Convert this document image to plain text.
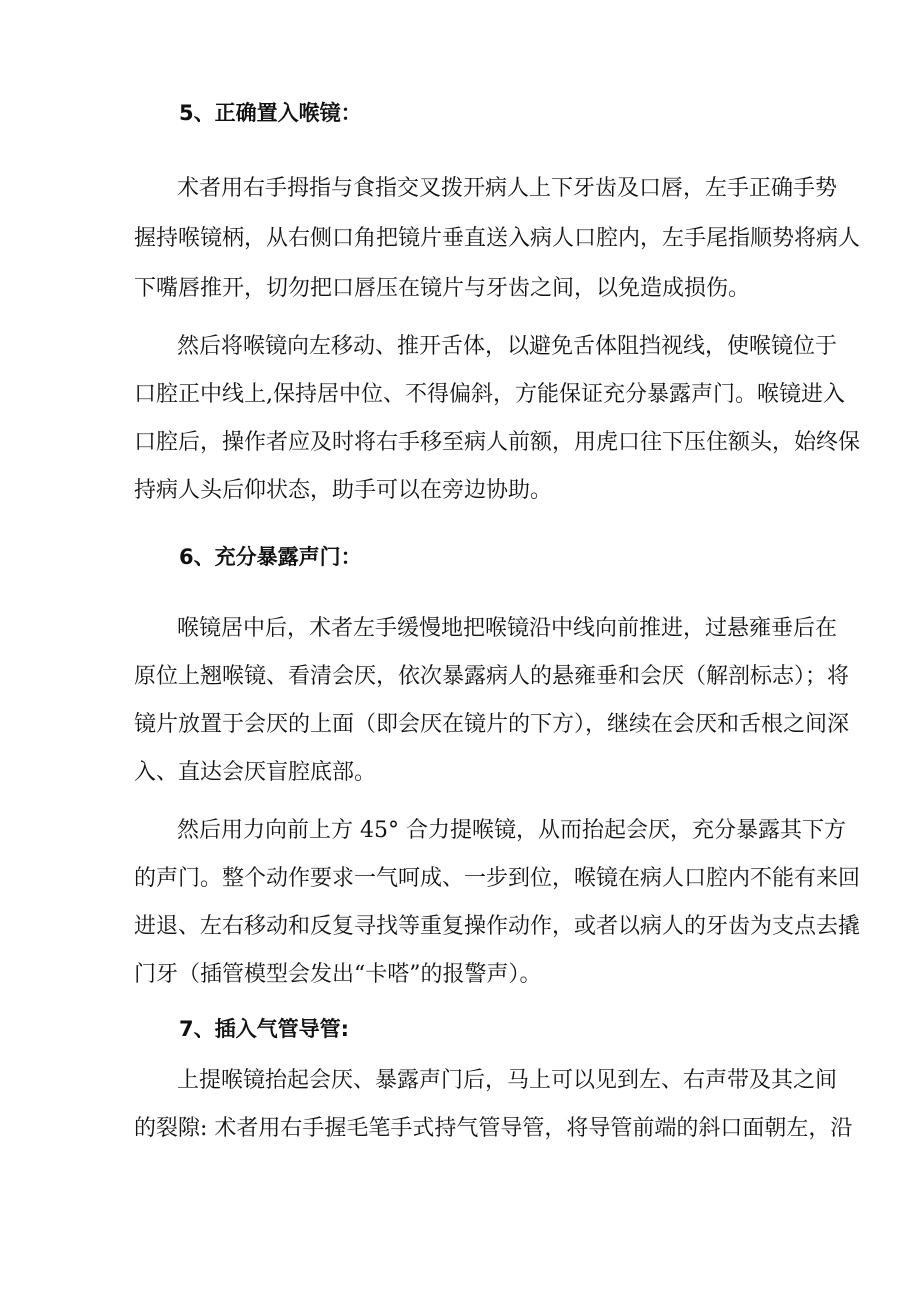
5、正确置入喉镜：
术者用右手拇指与食指交叉拨开病人上下牙齿及口唇，左手正确手势
握持喉镜柄，从右侧口角把镜片垂直送入病人口腔内，左手尾指顺势将病人
下嘴唇推开，切勿把口唇压在镜片与牙齿之间，以免造成损伤。
然后将喉镜向左移动、推开舌体，以避免舌体阻挡视线，使喉镜位于
口腔正中线上,保持居中位、不得偏斜，方能保证充分暴露声门。喉镜进入
口腔后，操作者应及时将右手移至病人前额，用虎口往下压住额头，始终保
持病人头后仰状态，助手可以在旁边协助。
6、充分暴露声门：
喉镜居中后，术者左手缓慢地把喉镜沿中线向前推进，过悬雍垂后在
原位上翘喉镜、看清会厌，依次暴露病人的悬雍垂和会厌（解剖标志）；将
镜片放置于会厌的上面（即会厌在镜片的下方），继续在会厌和舌根之间深
入、直达会厌盲腔底部。
然后用力向前上方 45° 合力提喉镜，从而抬起会厌，充分暴露其下方
的声门。整个动作要求一气呵成、一步到位，喉镜在病人口腔内不能有来回
进退、左右移动和反复寻找等重复操作动作，或者以病人的牙齿为支点去撬
门牙（插管模型会发出“卡嗒”的报警声）。
7、插入气管导管:
上提喉镜抬起会厌、暴露声门后，马上可以见到左、右声带及其之间
的裂隙: 术者用右手握毛笔手式持气管导管，将导管前端的斜口面朝左，沿
